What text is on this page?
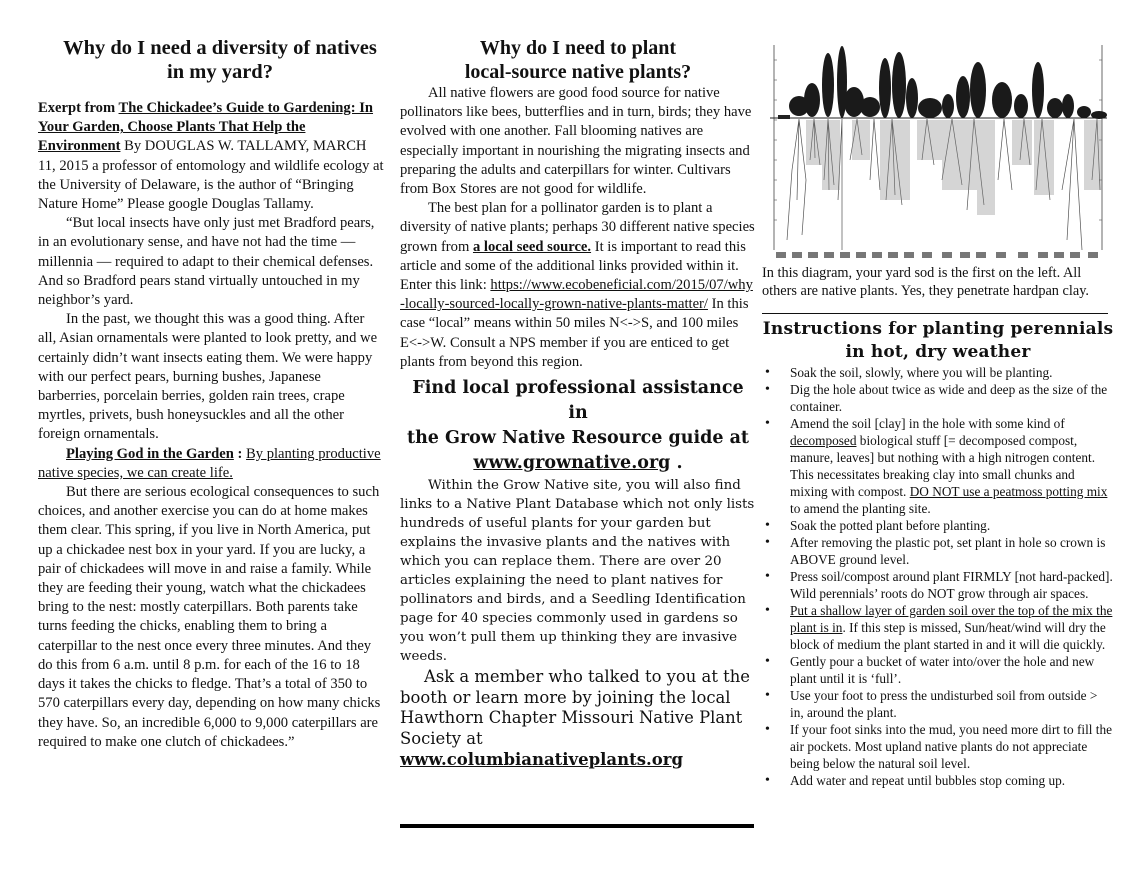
Why do I need a diversity of natives in my yard?

Exerpt from The Chickadee’s Guide to Gardening: In Your Garden, Choose Plants That Help the Environment By DOUGLAS W. TALLAMY, MARCH 11, 2015 a professor of entomology and wildlife ecology at the University of Delaware, is the author of “Bringing Nature Home” Please google Douglas Tallamy.

“But local insects have only just met Bradford pears, in an evolutionary sense, and have not had the time — millennia — required to adapt to their chemical defenses. And so Bradford pears stand virtually untouched in my neighbor’s yard.

In the past, we thought this was a good thing. After all, Asian ornamentals were planted to look pretty, and we certainly didn’t want insects eating them. We were happy with our perfect pears, burning bushes, Japanese barberries, porcelain berries, golden rain trees, crape myrtles, privets, bush honeysuckles and all the other foreign ornamentals.

Playing God in the Garden : By planting productive native species, we can create life.

But there are serious ecological consequences to such choices, and another exercise you can do at home makes them clear. This spring, if you live in North America, put up a chickadee nest box in your yard. If you are lucky, a pair of chickadees will move in and raise a family. While they are feeding their young, watch what the chickadees bring to the nest: mostly caterpillars. Both parents take turns feeding the chicks, enabling them to bring a caterpillar to the nest once every three minutes. And they do this from 6 a.m. until 8 p.m. for each of the 16 to 18 days it takes the chicks to fledge. That’s a total of 350 to 570 caterpillars every day, depending on how many chicks they have. So, an incredible 6,000 to 9,000 caterpillars are required to make one clutch of chickadees.”

Why do I need to plant
local-source native plants?

All native flowers are good food source for native pollinators like bees, butterflies and in turn, birds; they have evolved with one another. Fall blooming natives are especially important in nourishing the migrating insects and preparing the adults and caterpillars for winter. Cultivars from Box Stores are not good for wildlife.

The best plan for a pollinator garden is to plant a diversity of native plants; perhaps 30 different native species grown from a local seed source. It is important to read this article and some of the additional links provided within it. Enter this link: https://www.ecobeneficial.com/2015/07/why-locally-sourced-locally-grown-native-plants-matter/ In this case “local” means within 50 miles N<->S, and 100 miles E<->W. Consult a NPS member if you are enticed to get plants from beyond this region.

Find local professional assistance in
the Grow Native Resource guide at
www.grownative.org .

Within the Grow Native site, you will also find links to a Native Plant Database which not only lists hundreds of useful plants for your garden but explains the invasive plants and the natives with which you can replace them. There are over 20 articles explaining the need to plant natives for pollinators and birds, and a Seedling Identification page for 40 species commonly used in gardens so you won’t pull them up thinking they are invasive weeds.

Ask a member who talked to you at the booth or learn more by joining the local Hawthorn Chapter Missouri Native Plant Society at

www.columbianativeplants.org

In this diagram, your yard sod is the first on the left. All others are native plants. Yes, they penetrate hardpan clay.

Instructions for planting perennials
in hot, dry weather
• Soak the soil, slowly, where you will be planting.
• Dig the hole about twice as wide and deep as the size of the container.
• Amend the soil [clay] in the hole with some kind of decomposed biological stuff [= decomposed compost, manure, leaves] but nothing with a high nitrogen content. This necessitates breaking clay into small chunks and mixing with compost. DO NOT use a peatmoss potting mix to amend the planting site.
• Soak the potted plant before planting.
• After removing the plastic pot, set plant in hole so crown is ABOVE ground level.
• Press soil/compost around plant FIRMLY [not hard-packed]. Wild perennials’ roots do NOT grow through air spaces.
• Put a shallow layer of garden soil over the top of the mix the plant is in. If this step is missed, Sun/heat/wind will dry the block of medium the plant started in and it will die quickly.
• Gently pour a bucket of water into/over the hole and new plant until it is ‘full’.
• Use your foot to press the undisturbed soil from outside > in, around the plant.
• If your foot sinks into the mud, you need more dirt to fill the air pockets. Most upland native plants do not appreciate being below the natural soil level.
• Add water and repeat until bubbles stop coming up.
